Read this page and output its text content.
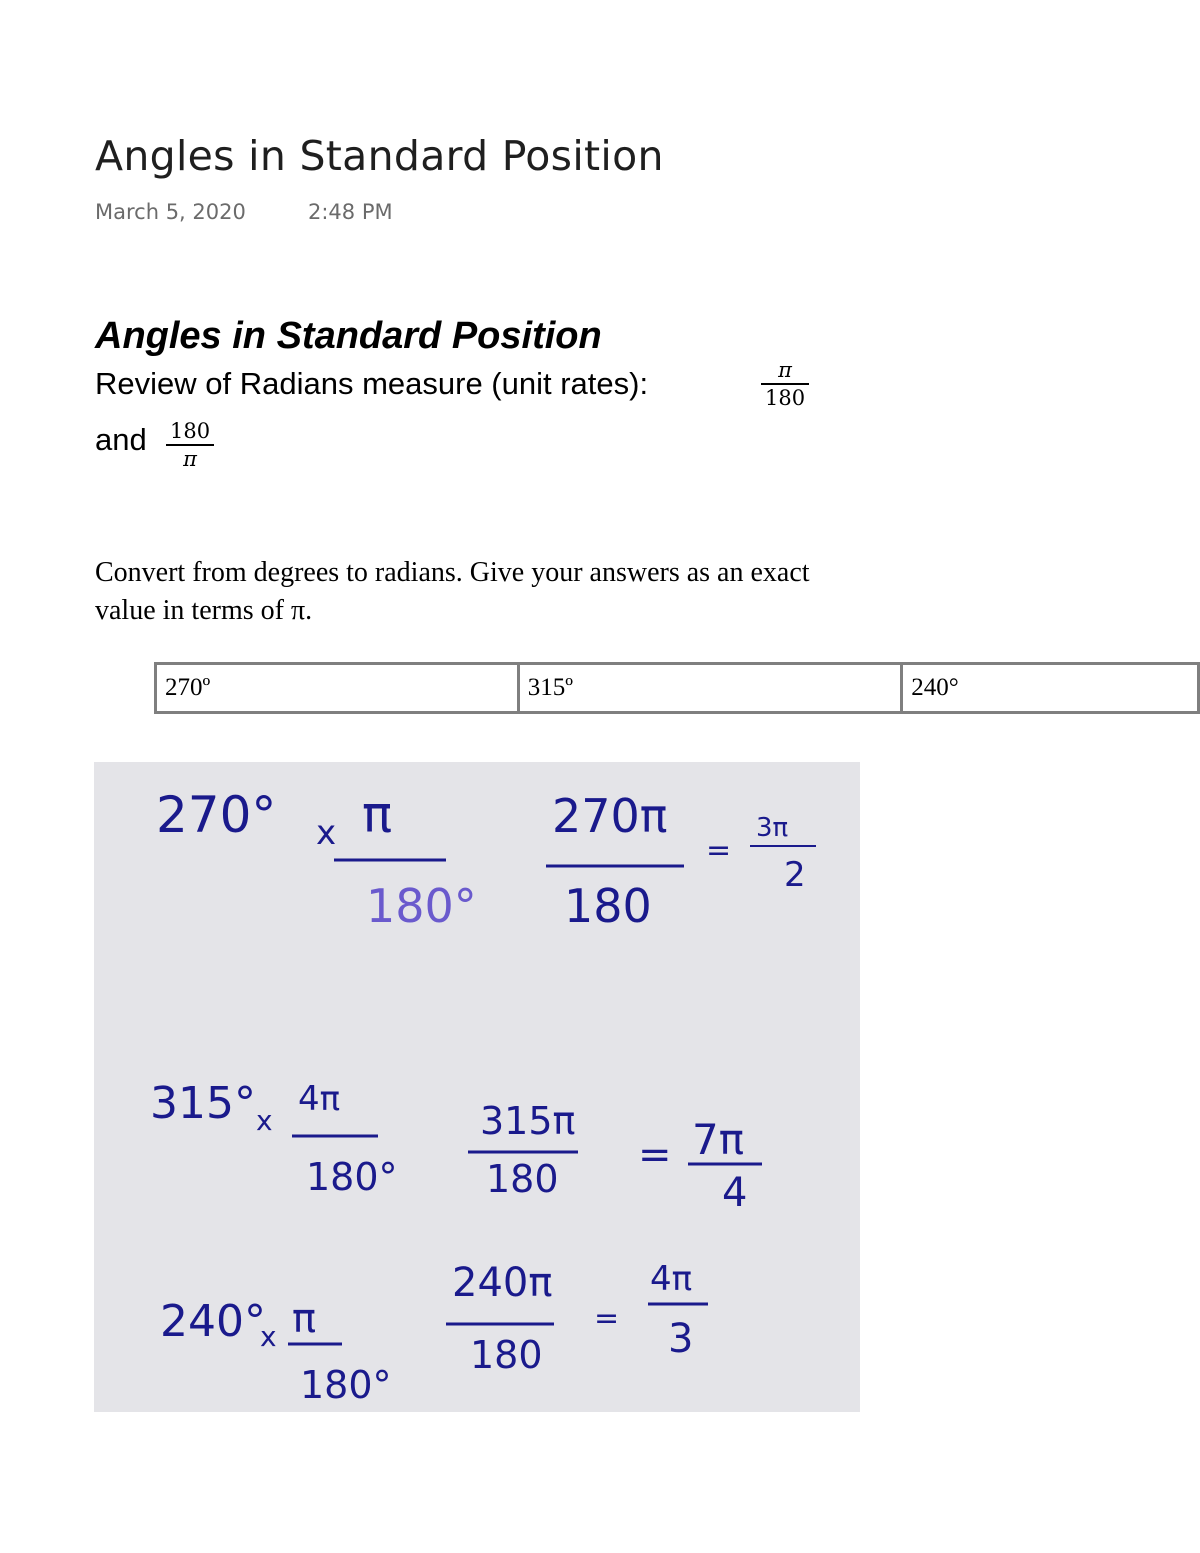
Angles in Standard Position
March 5, 2020	2:48 PM
Angles in Standard Position
Review of Radians measure (unit rates):	π
180
and 180
π

Convert from degrees to radians. Give your answers as an exact value in terms of π.

270º	315º	240°
270° x π
180°
270π
180
=
3π
2
315° x
4π
180°
315π
180
= 7π
4
240°
x π
180°
240π
180
=
4π
3
